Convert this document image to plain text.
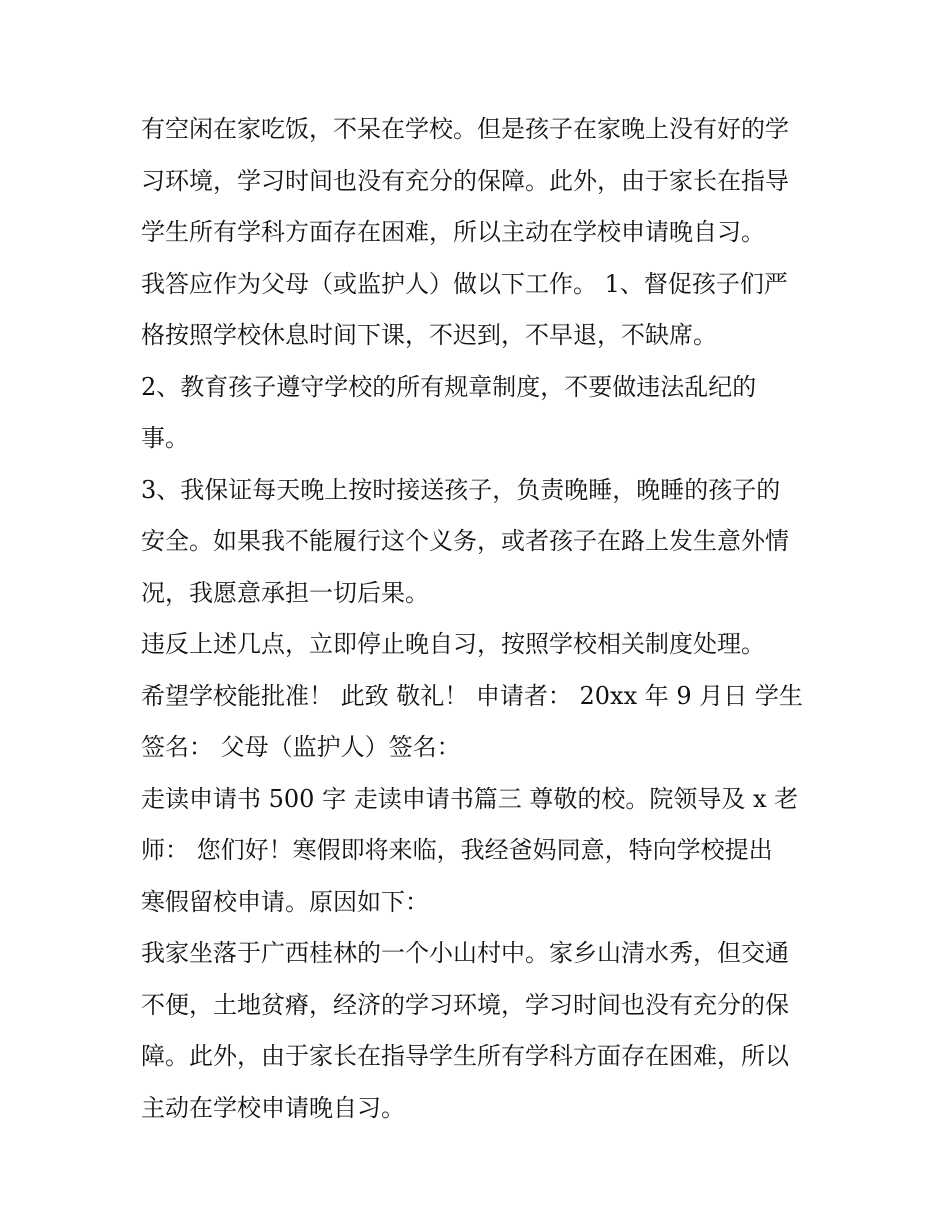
有空闲在家吃饭，不呆在学校。但是孩子在家晚上没有好的学
习环境，学习时间也没有充分的保障。此外，由于家长在指导
学生所有学科方面存在困难，所以主动在学校申请晚自习。
我答应作为父母（或监护人）做以下工作。 1、督促孩子们严
格按照学校休息时间下课，不迟到，不早退，不缺席。
2、教育孩子遵守学校的所有规章制度，不要做违法乱纪的
事。
3、我保证每天晚上按时接送孩子，负责晚睡，晚睡的孩子的
安全。如果我不能履行这个义务，或者孩子在路上发生意外情
况，我愿意承担一切后果。
违反上述几点，立即停止晚自习，按照学校相关制度处理。
希望学校能批准！ 此致 敬礼！ 申请者： 20xx 年 9 月日 学生
签名： 父母（监护人）签名：
走读申请书 500 字 走读申请书篇三 尊敬的校。院领导及 x 老
师： 您们好！寒假即将来临，我经爸妈同意，特向学校提出
寒假留校申请。原因如下：
我家坐落于广西桂林的一个小山村中。家乡山清水秀，但交通
不便，土地贫瘠，经济的学习环境，学习时间也没有充分的保
障。此外，由于家长在指导学生所有学科方面存在困难，所以
主动在学校申请晚自习。
